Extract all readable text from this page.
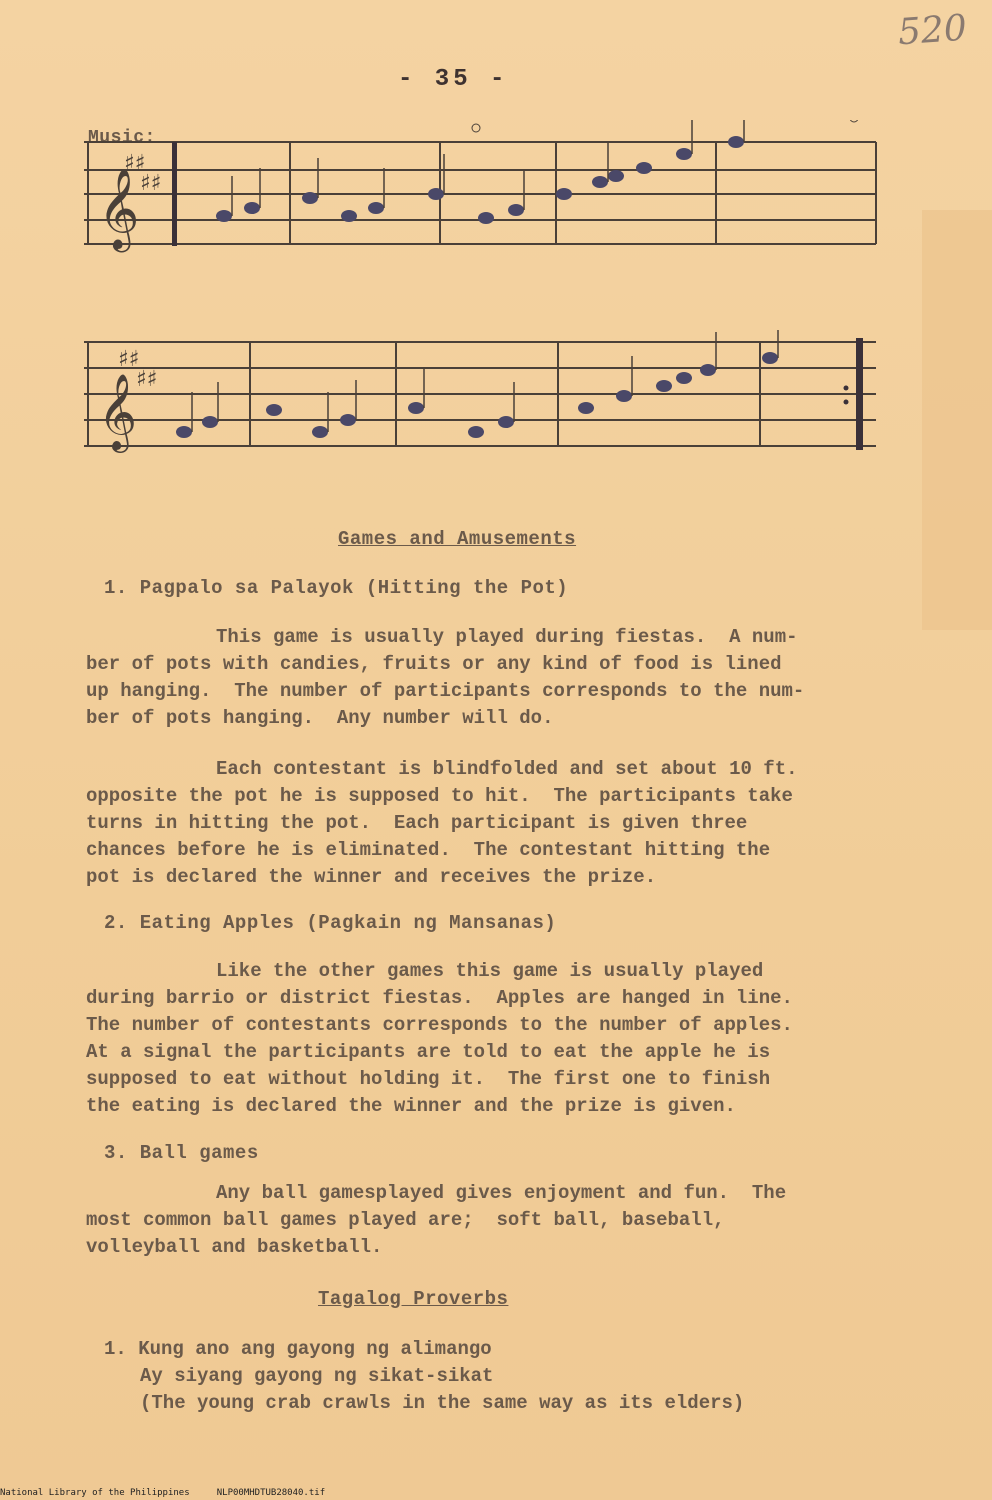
520
- 35 -
Music:
𝄞
♯♯
♯♯
𝄞
♯♯
♯♯
Games and Amusements
1. Pagpalo sa Palayok (Hitting the Pot)
This game is usually played during fiestas.  A num-
ber of pots with candies, fruits or any kind of food is lined
up hanging.  The number of participants corresponds to the num-
ber of pots hanging.  Any number will do.
Each contestant is blindfolded and set about 10 ft.
opposite the pot he is supposed to hit.  The participants take
turns in hitting the pot.  Each participant is given three
chances before he is eliminated.  The contestant hitting the
pot is declared the winner and receives the prize.
2. Eating Apples (Pagkain ng Mansanas)
Like the other games this game is usually played
during barrio or district fiestas.  Apples are hanged in line.
The number of contestants corresponds to the number of apples.
At a signal the participants are told to eat the apple he is
supposed to eat without holding it.  The first one to finish
the eating is declared the winner and the prize is given.
3. Ball games
Any ball gamesplayed gives enjoyment and fun.  The
most common ball games played are;  soft ball, baseball,
volleyball and basketball.
Tagalog Proverbs
1. Kung ano ang gayong ng alimango
Ay siyang gayong ng sikat-sikat
(The young crab crawls in the same way as its elders)
National Library of the Philippines     NLP00MHDTUB28040.tif
